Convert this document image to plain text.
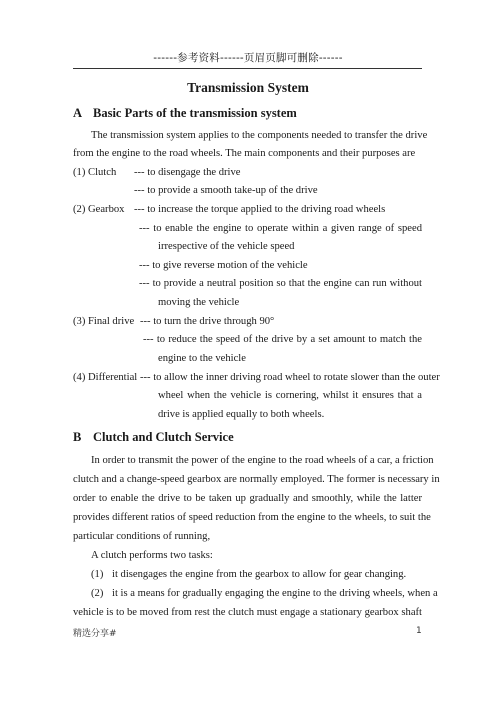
------参考资料------页眉页脚可删除------
Transmission System
A Basic Parts of the transmission system
The transmission system applies to the components needed to transfer the drive
from the engine to the road wheels. The main components and their purposes are
(1) Clutch --- to disengage the drive
--- to provide a smooth take-up of the drive
(2) Gearbox --- to increase the torque applied to the driving road wheels
--- to enable the engine to operate within a given range of speed
irrespective of the vehicle speed
--- to give reverse motion of the vehicle
--- to provide a neutral position so that the engine can run without
moving the vehicle
(3) Final drive --- to turn the drive through 90°
--- to reduce the speed of the drive by a set amount to match the
engine to the vehicle
(4) Differential --- to allow the inner driving road wheel to rotate slower than the outer
wheel when the vehicle is cornering, whilst it ensures that a
drive is applied equally to both wheels.
B Clutch and Clutch Service
In order to transmit the power of the engine to the road wheels of a car, a friction
clutch and a change-speed gearbox are normally employed. The former is necessary in
order to enable the drive to be taken up gradually and smoothly, while the latter
provides different ratios of speed reduction from the engine to the wheels, to suit the
particular conditions of running,
A clutch performs two tasks:
(1) it disengages the engine from the gearbox to allow for gear changing.
(2) it is a means for gradually engaging the engine to the driving wheels, when a
vehicle is to be moved from rest the clutch must engage a stationary gearbox shaft
精选分享#	1
